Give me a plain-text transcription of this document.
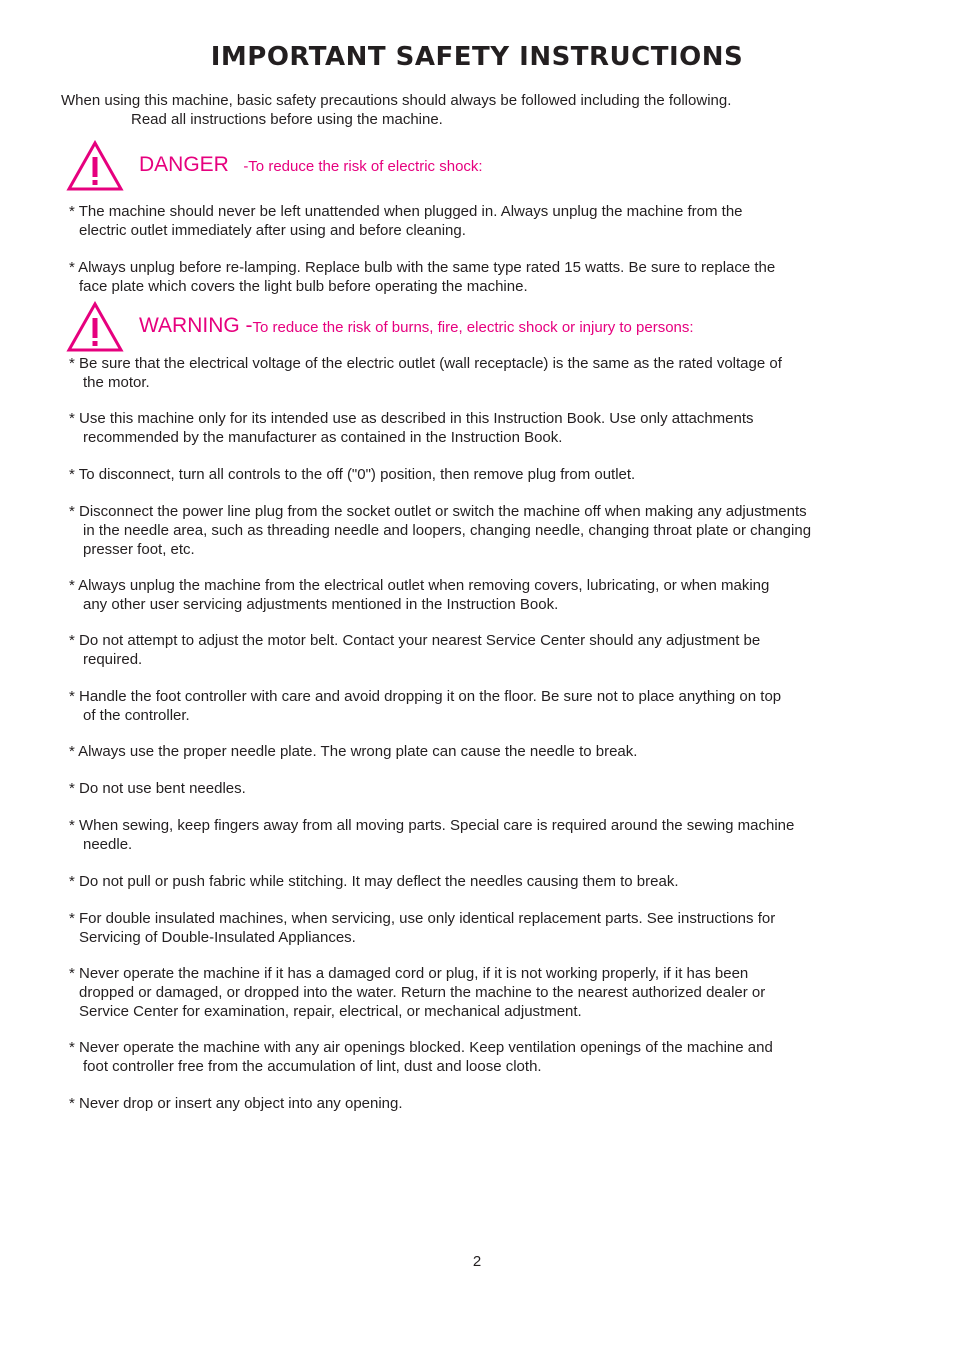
IMPORTANT SAFETY INSTRUCTIONS
When using this machine, basic safety precautions should always be followed including the following.
Read all instructions before using the machine.
DANGER -To reduce the risk of electric shock:
* The machine should never be left unattended when plugged in. Always unplug the machine from the
electric outlet immediately after using and before cleaning.
* Always unplug before re-lamping. Replace bulb with the same type rated 15 watts. Be sure to replace the
face plate which covers the light bulb before operating the machine.
WARNING -To reduce the risk of burns, fire, electric shock or injury to persons:
* Be sure that the electrical voltage of the electric outlet (wall receptacle) is the same as the rated voltage of
the motor.
* Use this machine only for its intended use as described in this Instruction Book. Use only attachments
recommended by the manufacturer as contained in the Instruction Book.
* To disconnect, turn all controls to the off ("0") position, then remove plug from outlet.
* Disconnect the power line plug from the socket outlet or switch the machine off when making any adjustments
in the needle area, such as threading needle and loopers, changing needle, changing throat plate or changing
presser foot, etc.
* Always unplug the machine from the electrical outlet when removing covers, lubricating, or when making
any other user servicing adjustments mentioned in the Instruction Book.
* Do not attempt to adjust the motor belt. Contact your nearest Service Center should any adjustment be
required.
* Handle the foot controller with care and avoid dropping it on the floor. Be sure not to place anything on top
of the controller.
* Always use the proper needle plate. The wrong plate can cause the needle to break.
* Do not use bent needles.
* When sewing, keep fingers away from all moving parts. Special care is required around the sewing machine
needle.
* Do not pull or push fabric while stitching. It may deflect the needles causing them to break.
* For double insulated machines, when servicing, use only identical replacement parts. See instructions for
Servicing of Double-Insulated Appliances.
* Never operate the machine if it has a damaged cord or plug, if it is not working properly, if it has been
dropped or damaged, or dropped into the water. Return the machine to the nearest authorized dealer or
Service Center for examination, repair, electrical, or mechanical adjustment.
* Never operate the machine with any air openings blocked. Keep ventilation openings of the machine and
foot controller free from the accumulation of lint, dust and loose cloth.
* Never drop or insert any object into any opening.
2
